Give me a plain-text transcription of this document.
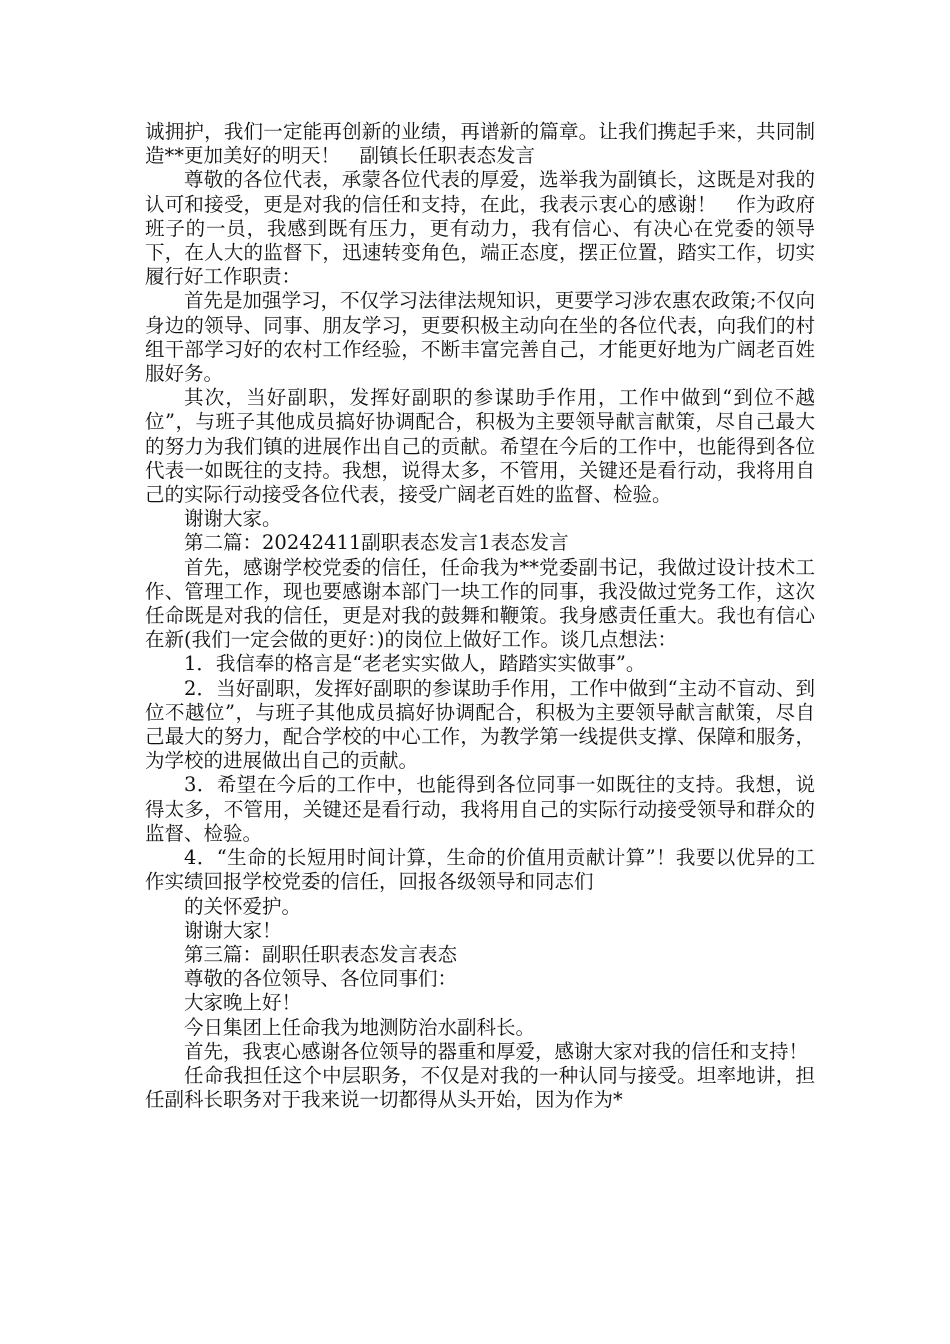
诚拥护，我们一定能再创新的业绩，再谱新的篇章。让我们携起手来，共同制造**更加美好的明天！　副镇长任职表态发言

尊敬的各位代表，承蒙各位代表的厚爱，选举我为副镇长，这既是对我的认可和接受，更是对我的信任和支持，在此，我表示衷心的感谢！　作为政府班子的一员，我感到既有压力，更有动力，我有信心、有决心在党委的领导下，在人大的监督下，迅速转变角色，端正态度，摆正位置，踏实工作，切实履行好工作职责：

首先是加强学习，不仅学习法律法规知识，更要学习涉农惠农政策;不仅向身边的领导、同事、朋友学习，更要积极主动向在坐的各位代表，向我们的村组干部学习好的农村工作经验，不断丰富完善自己，才能更好地为广阔老百姓服好务。

其次，当好副职，发挥好副职的参谋助手作用，工作中做到“到位不越位”，与班子其他成员搞好协调配合，积极为主要领导献言献策，尽自己最大的努力为我们镇的进展作出自己的贡献。希望在今后的工作中，也能得到各位代表一如既往的支持。我想，说得太多，不管用，关键还是看行动，我将用自己的实际行动接受各位代表，接受广阔老百姓的监督、检验。

谢谢大家。

第二篇：20242411副职表态发言1表态发言

首先，感谢学校党委的信任，任命我为**党委副书记，我做过设计技术工作、管理工作，现也要感谢本部门一块工作的同事，我没做过党务工作，这次任命既是对我的信任，更是对我的鼓舞和鞭策。我身感责任重大。我也有信心在新(我们一定会做的更好：)的岗位上做好工作。谈几点想法：

1．我信奉的格言是“老老实实做人，踏踏实实做事”。

2．当好副职，发挥好副职的参谋助手作用，工作中做到“主动不盲动、到位不越位”，与班子其他成员搞好协调配合，积极为主要领导献言献策，尽自己最大的努力，配合学校的中心工作，为教学第一线提供支撑、保障和服务，为学校的进展做出自己的贡献。

3．希望在今后的工作中，也能得到各位同事一如既往的支持。我想，说得太多，不管用，关键还是看行动，我将用自己的实际行动接受领导和群众的监督、检验。

4．“生命的长短用时间计算，生命的价值用贡献计算”！我要以优异的工作实绩回报学校党委的信任，回报各级领导和同志们

的关怀爱护。

谢谢大家！

第三篇：副职任职表态发言表态

尊敬的各位领导、各位同事们：

大家晚上好！

今日集团上任命我为地测防治水副科长。

首先，我衷心感谢各位领导的器重和厚爱，感谢大家对我的信任和支持！

任命我担任这个中层职务，不仅是对我的一种认同与接受。坦率地讲，担任副科长职务对于我来说一切都得从头开始，因为作为*
